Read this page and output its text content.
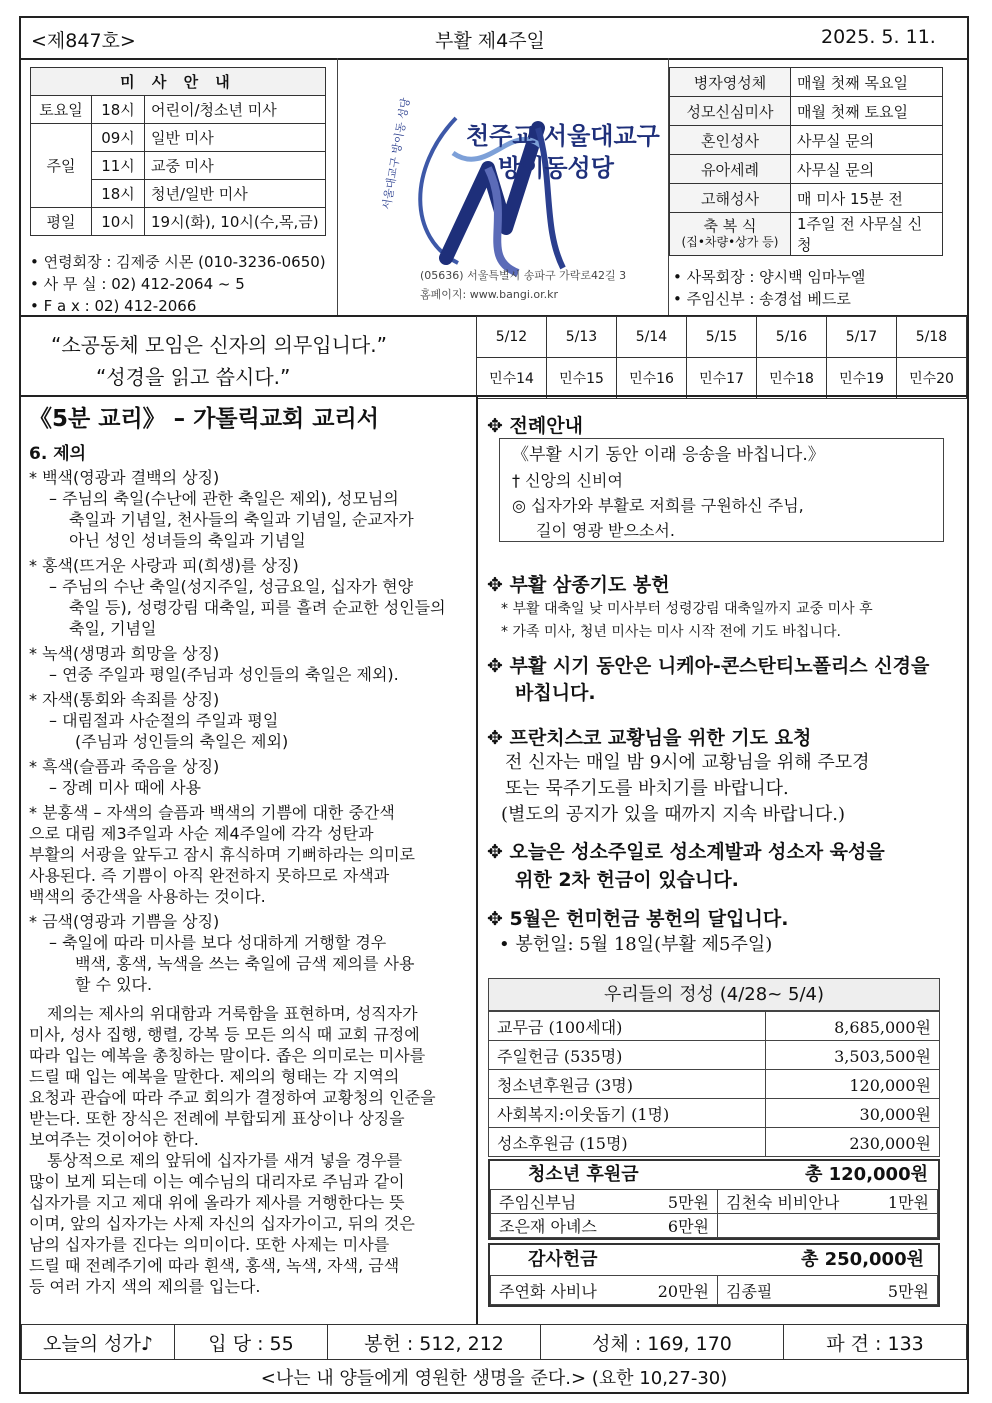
<제847호>	부활 제4주일	2025. 5. 11.
미 사 안 내		
토요일	18시	어린이/청소년 미사
주일	09시	일반 미사
	11시	교중 미사
	18시	청년/일반 미사
평일	10시	19시(화), 10시(수,목,금)
• 연령회장 : 김제중 시몬 (010-3236-0650)
• 사 무 실 : 02) 412-2064 ~ 5
• F a x : 02) 412-2066
서울대교구 방이동 성당 천주교 서울대교구
방이동성당
(05636) 서울특별시 송파구 가락로42길 3
홈페이지: www.bangi.or.kr
병자영성체	매월 첫째 목요일
성모신심미사	매월 첫째 토요일
혼인성사	사무실 문의
유아세례	사무실 문의
고해성사	매 미사 15분 전

축 복 식
(집•차량•상가 등)	1주일 전 사무실 신청
• 사목회장 : 양시백 임마누엘
• 주임신부 : 송경섭 베드로
“소공동체 모임은 신자의 의무입니다.”
“성경을 읽고 씁시다.”
5/12	5/13	5/14	5/15	5/16	5/17	5/18
민수14	민수15	민수16	민수17	민수18	민수19	민수20
《5분 교리》 – 가톨릭교회 교리서
6. 제의
* 백색(영광과 결백의 상징)
– 주님의 축일(수난에 관한 축일은 제외), 성모님의
축일과 기념일, 천사들의 축일과 기념일, 순교자가
아닌 성인 성녀들의 축일과 기념일
* 홍색(뜨거운 사랑과 피(희생)를 상징)
– 주님의 수난 축일(성지주일, 성금요일, 십자가 현양
축일 등), 성령강림 대축일, 피를 흘려 순교한 성인들의
축일, 기념일
* 녹색(생명과 희망을 상징)
– 연중 주일과 평일(주님과 성인들의 축일은 제외).
* 자색(통회와 속죄를 상징)
– 대림절과 사순절의 주일과 평일
(주님과 성인들의 축일은 제외)
* 흑색(슬픔과 죽음을 상징)
– 장례 미사 때에 사용
* 분홍색 – 자색의 슬픔과 백색의 기쁨에 대한 중간색
으로 대림 제3주일과 사순 제4주일에 각각 성탄과
부활의 서광을 앞두고 잠시 휴식하며 기뻐하라는 의미로
사용된다. 즉 기쁨이 아직 완전하지 못하므로 자색과
백색의 중간색을 사용하는 것이다.
* 금색(영광과 기쁨을 상징)
– 축일에 따라 미사를 보다 성대하게 거행할 경우
백색, 홍색, 녹색을 쓰는 축일에 금색 제의를 사용
할 수 있다.
제의는 제사의 위대함과 거룩함을 표현하며, 성직자가
미사, 성사 집행, 행렬, 강복 등 모든 의식 때 교회 규정에
따라 입는 예복을 총칭하는 말이다. 좁은 의미로는 미사를
드릴 때 입는 예복을 말한다. 제의의 형태는 각 지역의
요청과 관습에 따라 주교 회의가 결정하여 교황청의 인준을
받는다. 또한 장식은 전례에 부합되게 표상이나 상징을
보여주는 것이어야 한다.
통상적으로 제의 앞뒤에 십자가를 새겨 넣을 경우를
많이 보게 되는데 이는 예수님의 대리자로 주님과 같이
십자가를 지고 제대 위에 올라가 제사를 거행한다는 뜻
이며, 앞의 십자가는 사제 자신의 십자가이고, 뒤의 것은
남의 십자가를 진다는 의미이다. 또한 사제는 미사를
드릴 때 전례주기에 따라 흰색, 홍색, 녹색, 자색, 금색
등 여러 가지 색의 제의를 입는다.
✥ 전례안내
《부활 시기 동안 이래 응송을 바칩니다.》
† 신앙의 신비여
◎ 십자가와 부활로 저희를 구원하신 주님,
길이 영광 받으소서.
✥ 부활 삼종기도 봉헌
* 부활 대축일 낮 미사부터 성령강림 대축일까지 교중 미사 후
* 가족 미사, 청년 미사는 미사 시작 전에 기도 바칩니다.
✥ 부활 시기 동안은 니케아-콘스탄티노폴리스 신경을
바칩니다.
✥ 프란치스코 교황님을 위한 기도 요청
전 신자는 매일 밤 9시에 교황님을 위해 주모경
또는 묵주기도를 바치기를 바랍니다.
(별도의 공지가 있을 때까지 지속 바랍니다.)
✥ 오늘은 성소주일로 성소계발과 성소자 육성을
위한 2차 헌금이 있습니다.
✥ 5월은 헌미헌금 봉헌의 달입니다.
• 봉헌일: 5월 18일(부활 제5주일)
우리들의 정성 (4/28~ 5/4)
교무금 (100세대)	8,685,000원
주일헌금 (535명)	3,503,500원
청소년후원금 (3명)	120,000원
사회복지:이웃돕기 (1명)	30,000원
성소후원금 (15명)	230,000원
청소년 후원금	총 120,000원
주임신부님 5만원	김천숙 비비안나 1만원

조은재 아녜스 6만원	

감사헌금	총 250,000원
주연화 사비나	20만원	김종필	5만원
오늘의 성가♪	입 당 : 55	봉헌 : 512, 212	성체 : 169, 170	파 견 : 133
<나는 내 양들에게 영원한 생명을 준다.> (요한 10,27-30)
